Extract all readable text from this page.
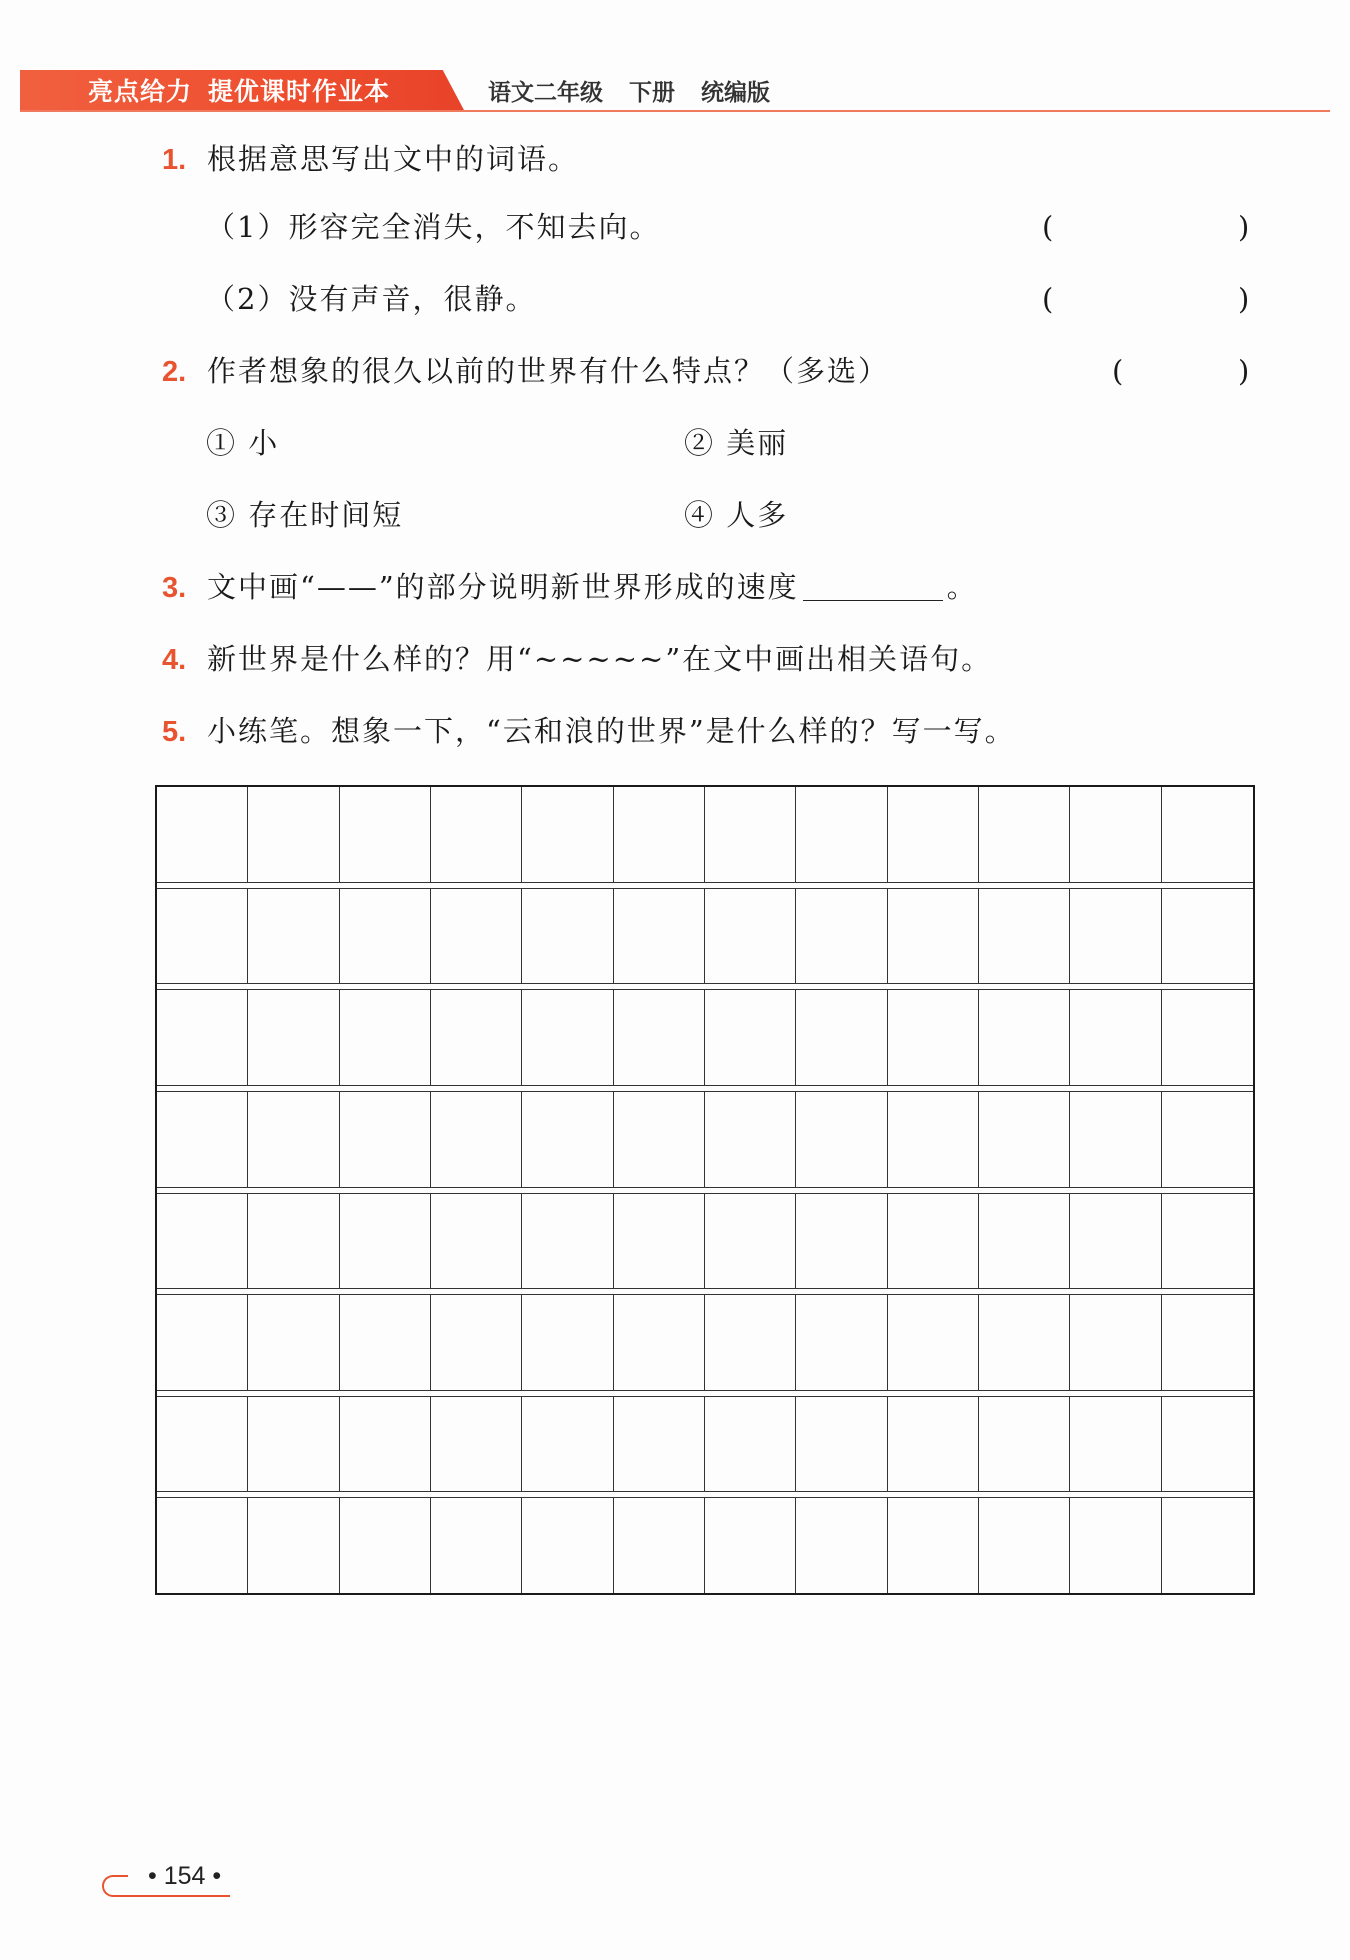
亮点给力 提优课时作业本	语文二年级 下册 统编版
1. 根据意思写出文中的词语。
（1）形容完全消失，不知去向。	(	)
（2）没有声音，很静。	(	)
2. 作者想象的很久以前的世界有什么特点？（多选）	(	)
① 小	② 美丽
③ 存在时间短	④ 人多
3. 文中画“——”的部分说明新世界形成的速度	。
4. 新世界是什么样的？用“~~~~~”在文中画出相关语句。
5. 小练笔。想象一下，“云和浪的世界”是什么样的？写一写。
• 154 •
